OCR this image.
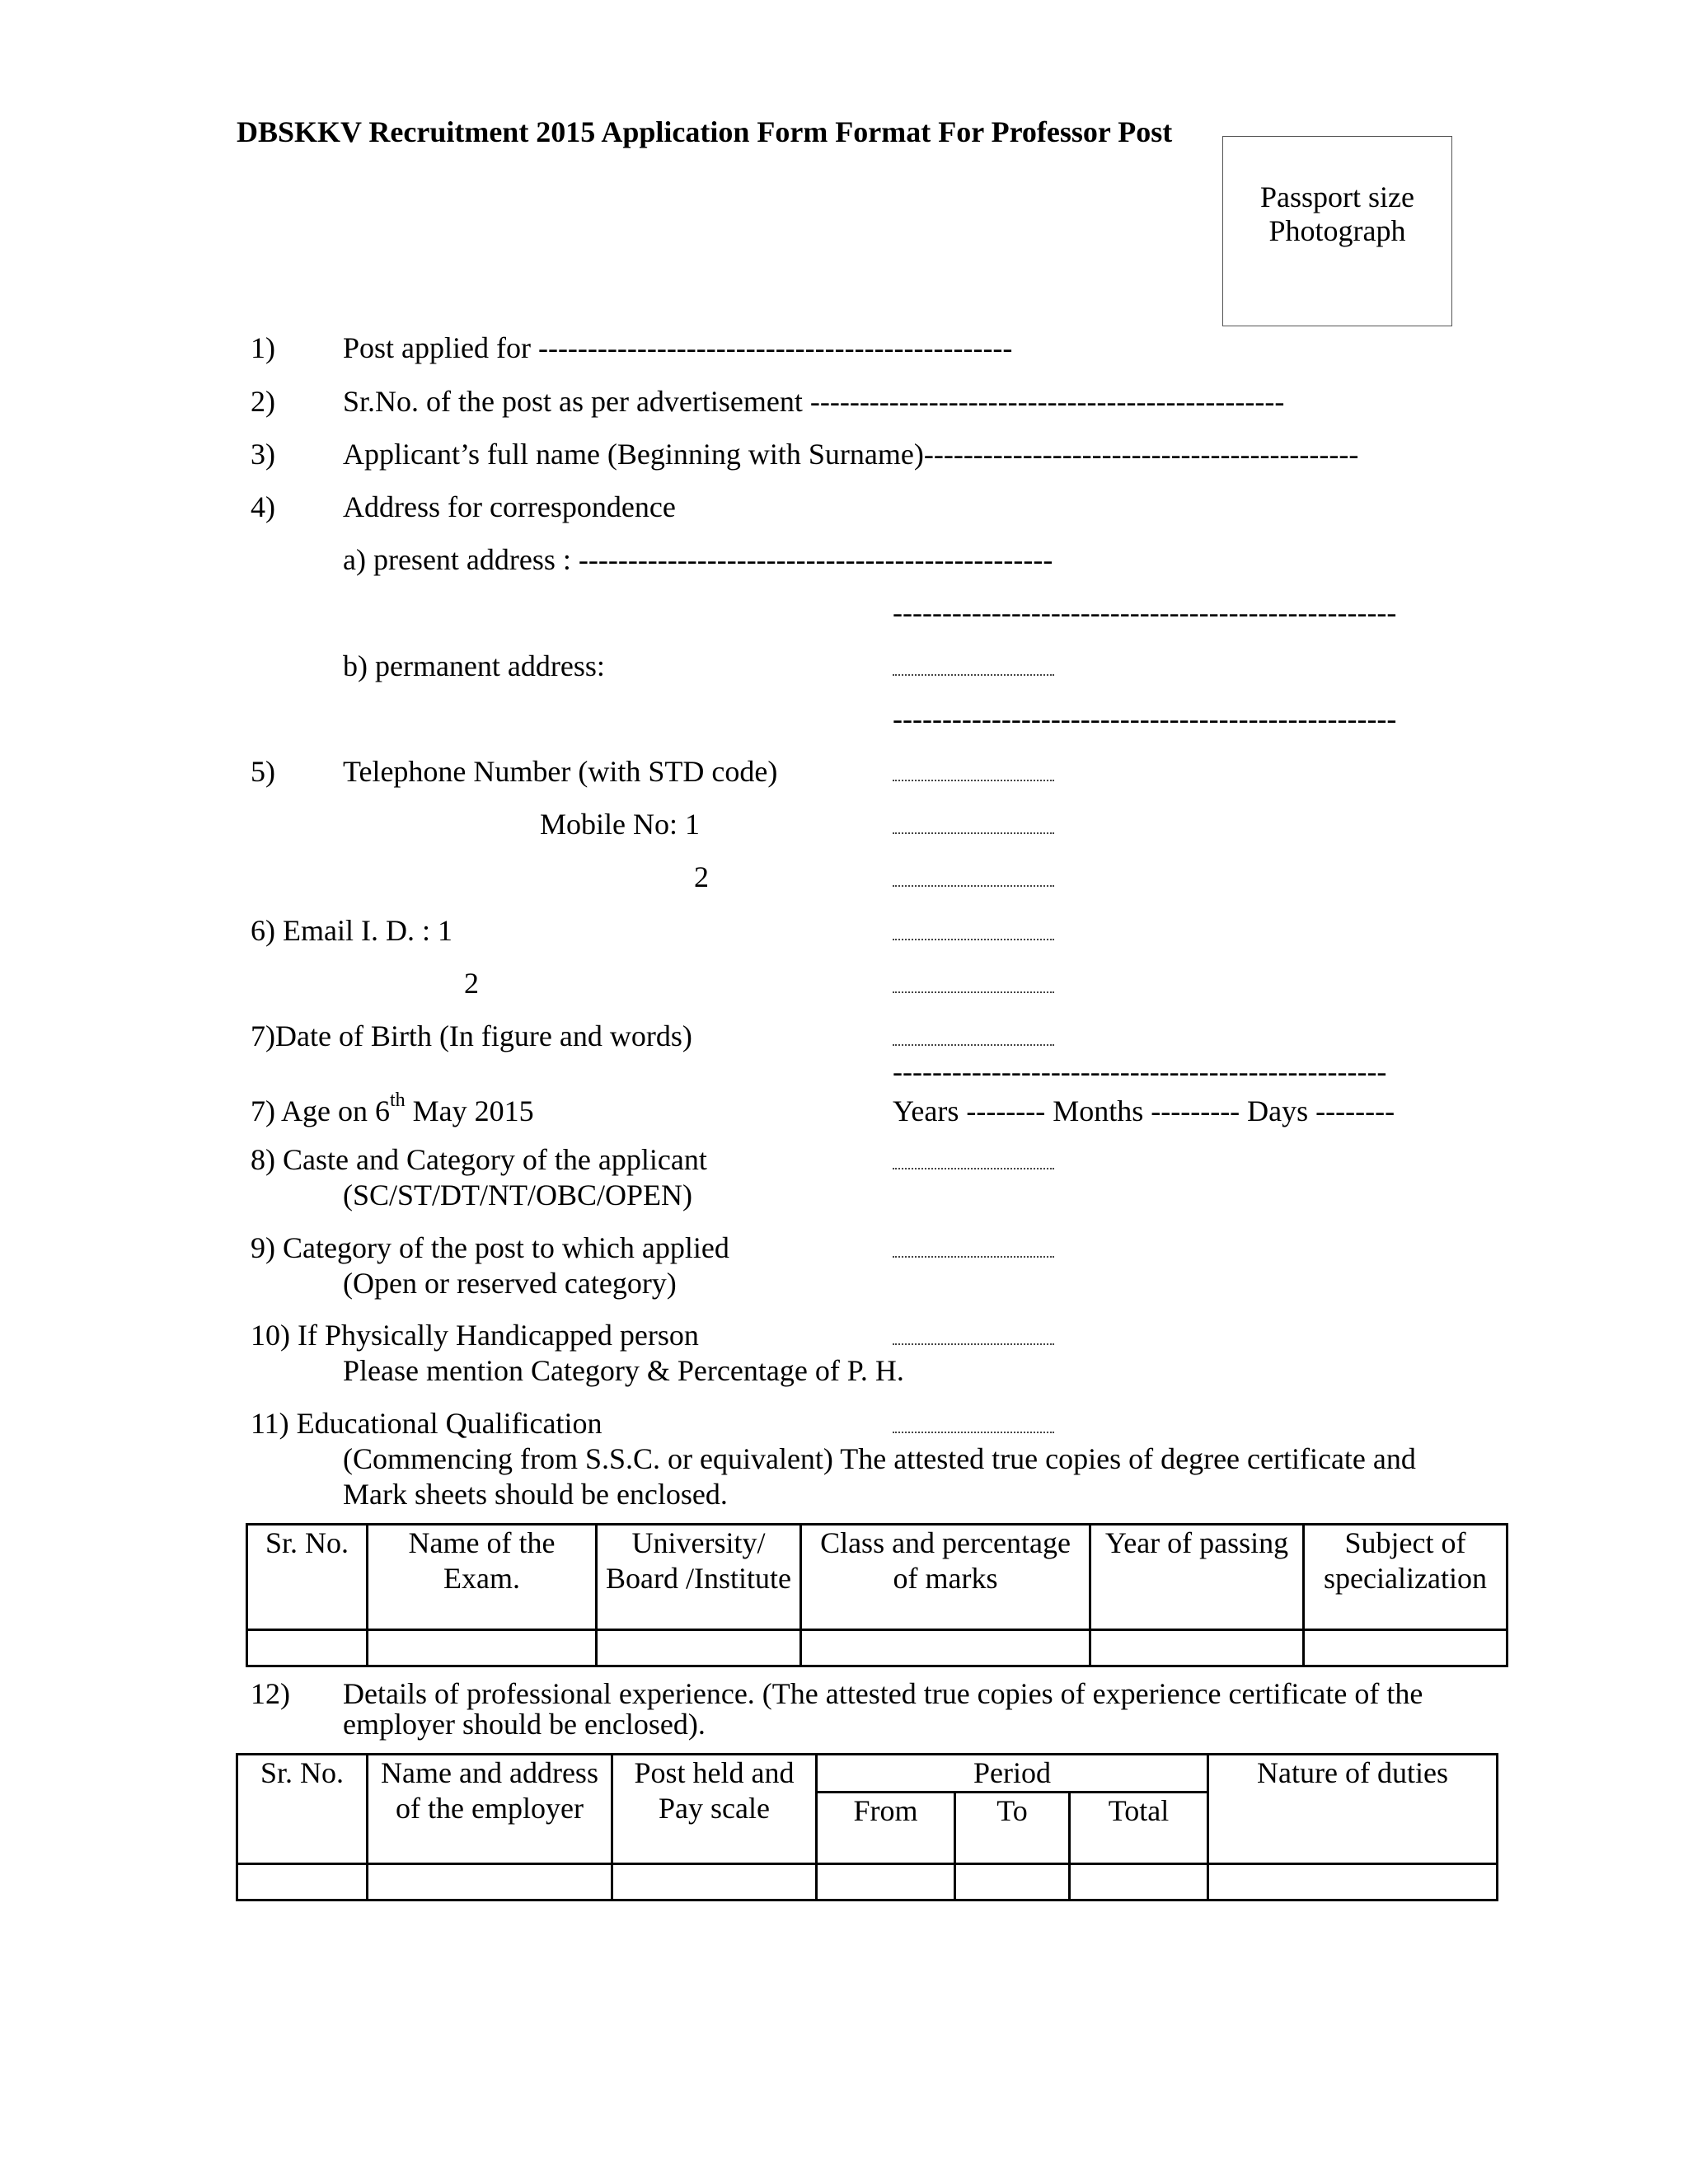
DBSKKV Recruitment 2015 Application Form Format For Professor Post
Passport size
Photograph
1) Post applied for ------------------------------------------------
2) Sr.No. of the post as per advertisement ------------------------------------------------
3) Applicant’s full name (Beginning with Surname)--------------------------------------------
4) Address for correspondence
a) present address : ------------------------------------------------
---------------------------------------------------
b) permanent address:
---------------------------------------------------
5) Telephone Number (with STD code)
Mobile No: 1
2
6) Email I. D. : 1
2
7)Date of Birth (In figure and words)
--------------------------------------------------
7) Age on 6th May 2015	Years -------- Months --------- Days --------
8) Caste and Category of the applicant
(SC/ST/DT/NT/OBC/OPEN)
9) Category of the post to which applied
(Open or reserved category)
10) If Physically Handicapped person
Please mention Category & Percentage of P. H.
11) Educational Qualification
(Commencing from S.S.C. or equivalent) The attested true copies of degree certificate and
Mark sheets should be enclosed.
Sr. No.	Name of the Exam.	University/ Board /Institute	Class and percentage of marks	Year of passing	Subject of specialization

12) Details of professional experience. (The attested true copies of experience certificate of the
employer should be enclosed).
Sr. No.	Name and address of the employer	Post held and Pay scale	Period			Nature of duties
			From	To	Total	
